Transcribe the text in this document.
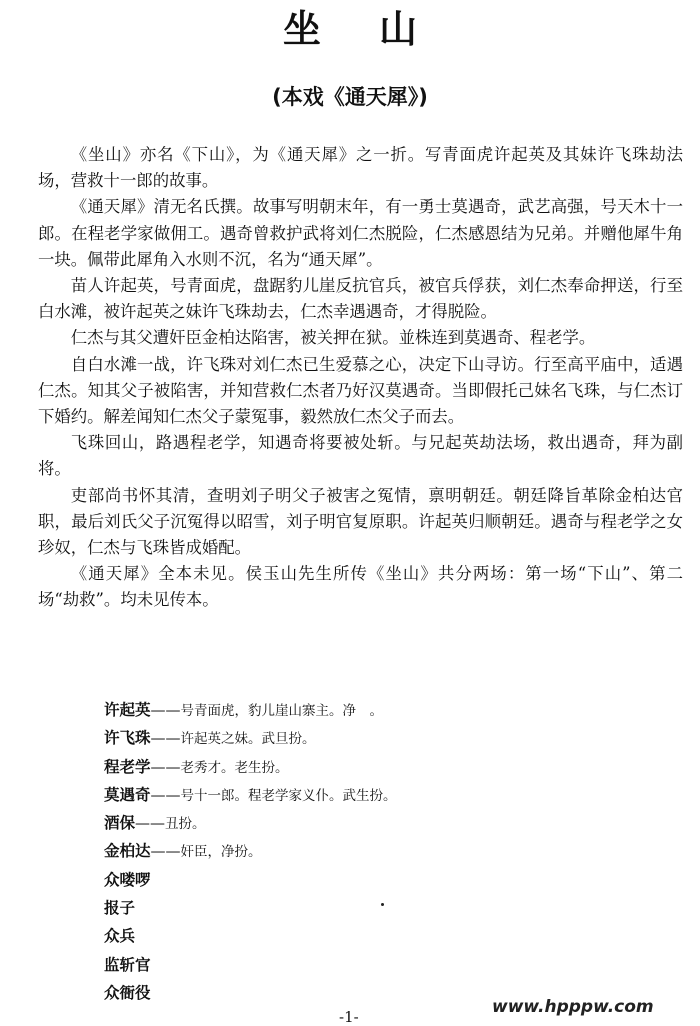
坐山
(本戏《通天犀》)

《坐山》亦名《下山》，为《通天犀》之一折。写青面虎许起英及其妹许飞珠劫法场，营救十一郎的故事。

《通天犀》清无名氏撰。故事写明朝末年，有一勇士莫遇奇，武艺高强，号天木十一郎。在程老学家做佣工。遇奇曾救护武将刘仁杰脱险，仁杰感恩结为兄弟。并赠他犀牛角一块。佩带此犀角入水则不沉，名为“通天犀”。

苗人许起英，号青面虎，盘踞豹儿崖反抗官兵，被官兵俘获，刘仁杰奉命押送，行至白水滩，被许起英之妹许飞珠劫去，仁杰幸遇遇奇，才得脱险。

仁杰与其父遭奸臣金柏达陷害，被关押在狱。並株连到莫遇奇、程老学。

自白水滩一战，许飞珠对刘仁杰已生爱慕之心，决定下山寻访。行至高平庙中，适遇仁杰。知其父子被陷害，并知营救仁杰者乃好汉莫遇奇。当即假托己妹名飞珠，与仁杰订下婚约。解差闻知仁杰父子蒙冤事，毅然放仁杰父子而去。

飞珠回山，路遇程老学，知遇奇将要被处斩。与兄起英劫法场，救出遇奇，拜为副将。

吏部尚书怀其清，查明刘子明父子被害之冤情，禀明朝廷。朝廷降旨革除金柏达官职，最后刘氏父子沉冤得以昭雪，刘子明官复原职。许起英归顺朝廷。遇奇与程老学之女珍奴，仁杰与飞珠皆成婚配。

《通天犀》全本未见。侯玉山先生所传《坐山》共分两场：第一场“下山”、第二场“劫救”。均未见传本。

许起英——号青面虎，豹儿崖山寨主。净　。
许飞珠——许起英之妹。武旦扮。
程老学——老秀才。老生扮。
莫遇奇——号十一郎。程老学家义仆。武生扮。
酒保——丑扮。
金柏达——奸臣，净扮。
众喽啰
报子
众兵
监斩官
众衙役
-1-	www.hpppw.com
